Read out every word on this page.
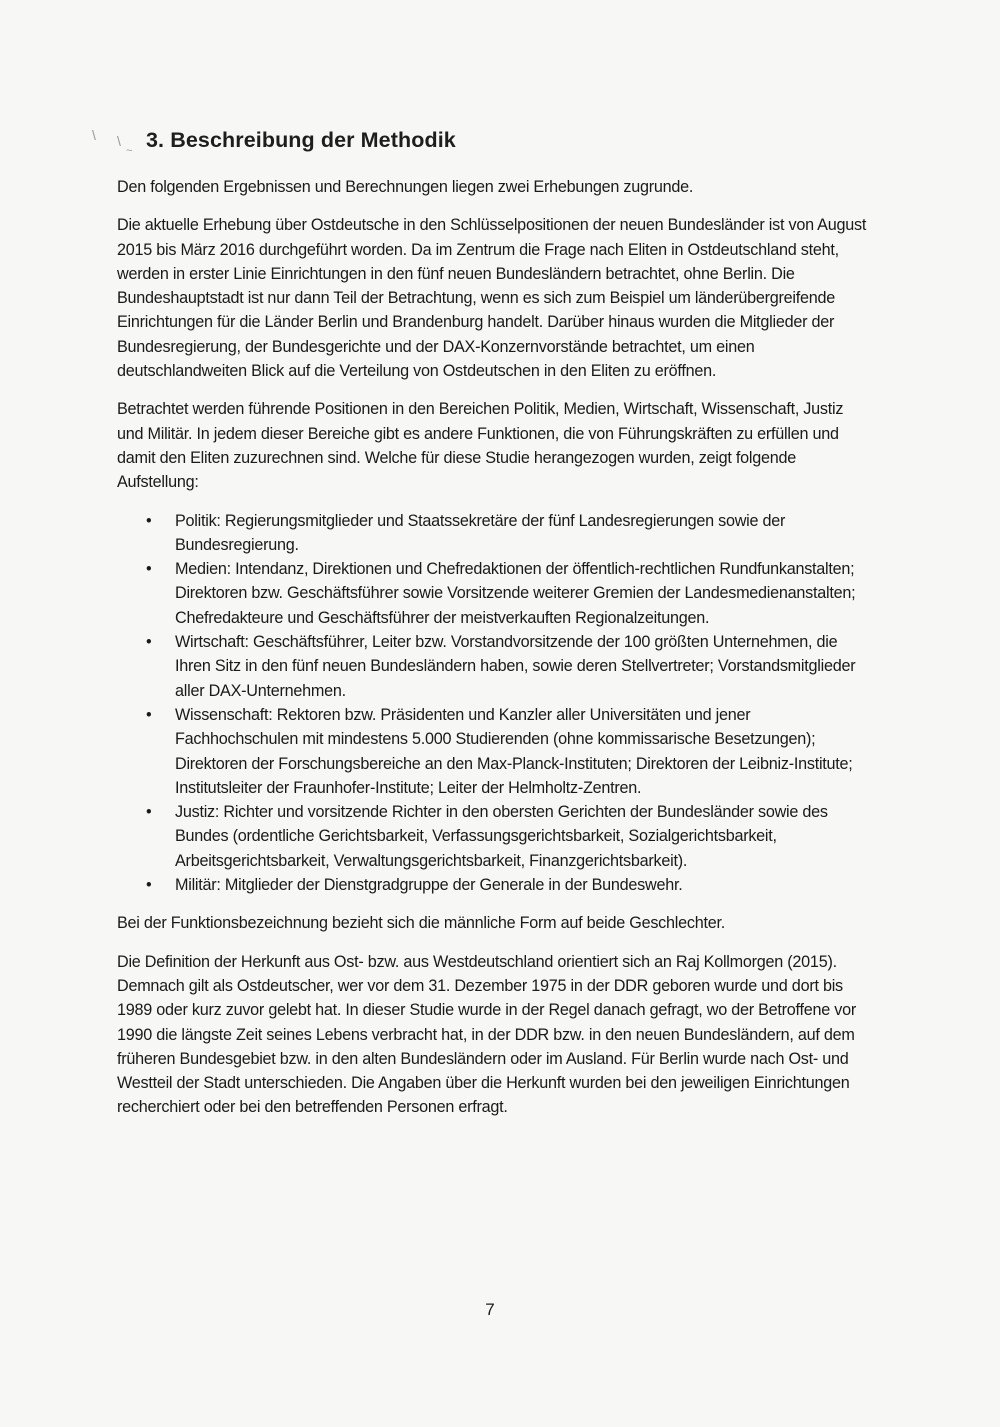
\ \
~ 3. Beschreibung der Methodik

Den folgenden Ergebnissen und Berechnungen liegen zwei Erhebungen zugrunde.

Die aktuelle Erhebung über Ostdeutsche in den Schlüsselpositionen der neuen Bundesländer ist von August 2015 bis März 2016 durchgeführt worden. Da im Zentrum die Frage nach Eliten in Ostdeutschland steht, werden in erster Linie Einrichtungen in den fünf neuen Bundesländern betrachtet, ohne Berlin. Die Bundeshauptstadt ist nur dann Teil der Betrachtung, wenn es sich zum Beispiel um länderübergreifende Einrichtungen für die Länder Berlin und Brandenburg handelt. Darüber hinaus wurden die Mitglieder der Bundesregierung, der Bundesgerichte und der DAX-Konzernvorstände betrachtet, um einen deutschlandweiten Blick auf die Verteilung von Ostdeutschen in den Eliten zu eröffnen.

Betrachtet werden führende Positionen in den Bereichen Politik, Medien, Wirtschaft, Wissenschaft, Justiz und Militär. In jedem dieser Bereiche gibt es andere Funktionen, die von Führungskräften zu erfüllen und damit den Eliten zuzurechnen sind. Welche für diese Studie herangezogen wurden, zeigt folgende Aufstellung:

• Politik: Regierungsmitglieder und Staatssekretäre der fünf Landesregierungen sowie der Bundesregierung.
• Medien: Intendanz, Direktionen und Chefredaktionen der öffentlich-rechtlichen Rundfunkanstalten; Direktoren bzw. Geschäftsführer sowie Vorsitzende weiterer Gremien der Landesmedienanstalten; Chefredakteure und Geschäftsführer der meistverkauften Regionalzeitungen.
• Wirtschaft: Geschäftsführer, Leiter bzw. Vorstandvorsitzende der 100 größten Unternehmen, die Ihren Sitz in den fünf neuen Bundesländern haben, sowie deren Stellvertreter; Vorstandsmitglieder aller DAX-Unternehmen.
• Wissenschaft: Rektoren bzw. Präsidenten und Kanzler aller Universitäten und jener Fachhochschulen mit mindestens 5.000 Studierenden (ohne kommissarische Besetzungen); Direktoren der Forschungsbereiche an den Max-Planck-Instituten; Direktoren der Leibniz-Institute; Institutsleiter der Fraunhofer-Institute; Leiter der Helmholtz-Zentren.
• Justiz: Richter und vorsitzende Richter in den obersten Gerichten der Bundesländer sowie des Bundes (ordentliche Gerichtsbarkeit, Verfassungsgerichtsbarkeit, Sozialgerichtsbarkeit, Arbeitsgerichtsbarkeit, Verwaltungsgerichtsbarkeit, Finanzgerichtsbarkeit).
• Militär: Mitglieder der Dienstgradgruppe der Generale in der Bundeswehr.

Bei der Funktionsbezeichnung bezieht sich die männliche Form auf beide Geschlechter.

Die Definition der Herkunft aus Ost- bzw. aus Westdeutschland orientiert sich an Raj Kollmorgen (2015). Demnach gilt als Ostdeutscher, wer vor dem 31. Dezember 1975 in der DDR geboren wurde und dort bis 1989 oder kurz zuvor gelebt hat. In dieser Studie wurde in der Regel danach gefragt, wo der Betroffene vor 1990 die längste Zeit seines Lebens verbracht hat, in der DDR bzw. in den neuen Bundesländern, auf dem früheren Bundesgebiet bzw. in den alten Bundesländern oder im Ausland. Für Berlin wurde nach Ost- und Westteil der Stadt unterschieden. Die Angaben über die Herkunft wurden bei den jeweiligen Einrichtungen recherchiert oder bei den betreffenden Personen erfragt.

7
